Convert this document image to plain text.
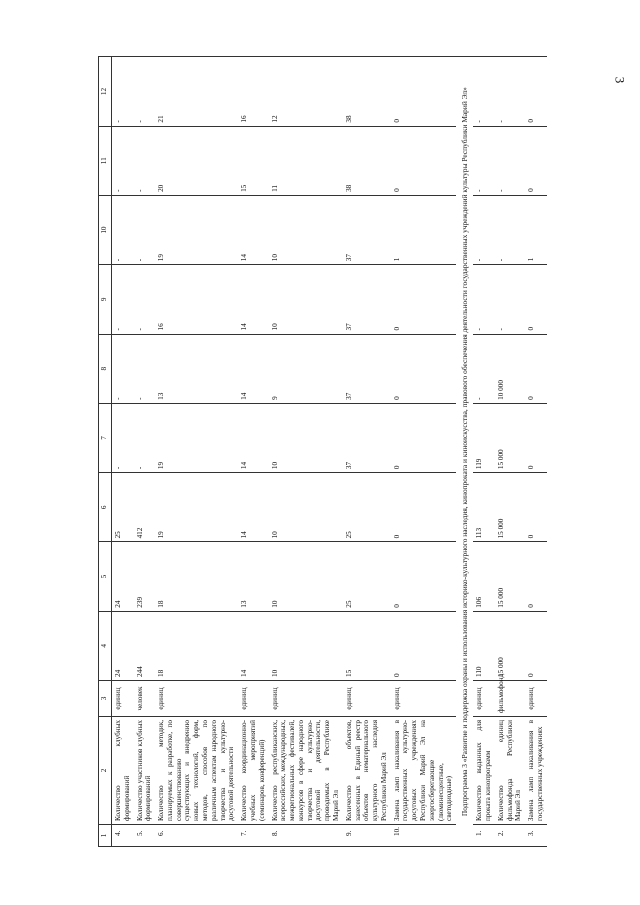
3
1	2	3	4	5	6	7	8	9	10	11	12
4.	Количество клубных формирований	единиц	24	24	25	-	-	-	-	-	-
5.	Количество участников клубных формирований	человек	244	239	412	-	-	-	-	-	-
6.	Количество методик, планируемых к разработке, по совершенствованию существующих и внедрению новых технологий, форм, методов, способов по различным аспектам народного творчества и культурно-досуговой деятельности	единиц	18	18	19	19	13	16	19	20	21
7.	Количество координационно-учебных мероприятий (семинаров, конференций)	единиц	14	13	14	14	14	14	14	15	16
8.	Количество республиканских, всероссийских, международных, межрегиональных фестивалей, конкурсов в сфере народного творчества и культурно-досуговой деятельности, проводимых в Республике Марий Эл	единиц	10	10	10	10	9	10	10	11	12
9.	Количество объектов, занесенных в Единый реестр объектов нематериального культурного наследия Республики Марий Эл	единиц	15	25	25	37	37	37	37	38	38
10.	Замена ламп накаливания в государственных культурно-досуговых учреждениях Республики Марий Эл на энергосберегающие (люминесцентные, светодиодные)	единиц	0	0	0	0	0	0	1	0	0
Подпрограмма 3 «Развитие и поддержка охраны и использования историко-культурного наследия, кинопроката и киноискусства, правового обеспечения деятельности государственных учреждений культуры Республики Марий Эл»											
1.	Количество выданных для проката кинопрограмм	единиц	110	106	113	119	-	-	-	-	-
2.	Количество единиц фильмофонда Республики Марий Эл	фильмофонд	15 000	15 000	15 000	15 000	10 000	-	-	-	-
3.	Замена ламп накаливания в государственных учреждениях	единиц	0	0	0	0	0	0	1	0	0
